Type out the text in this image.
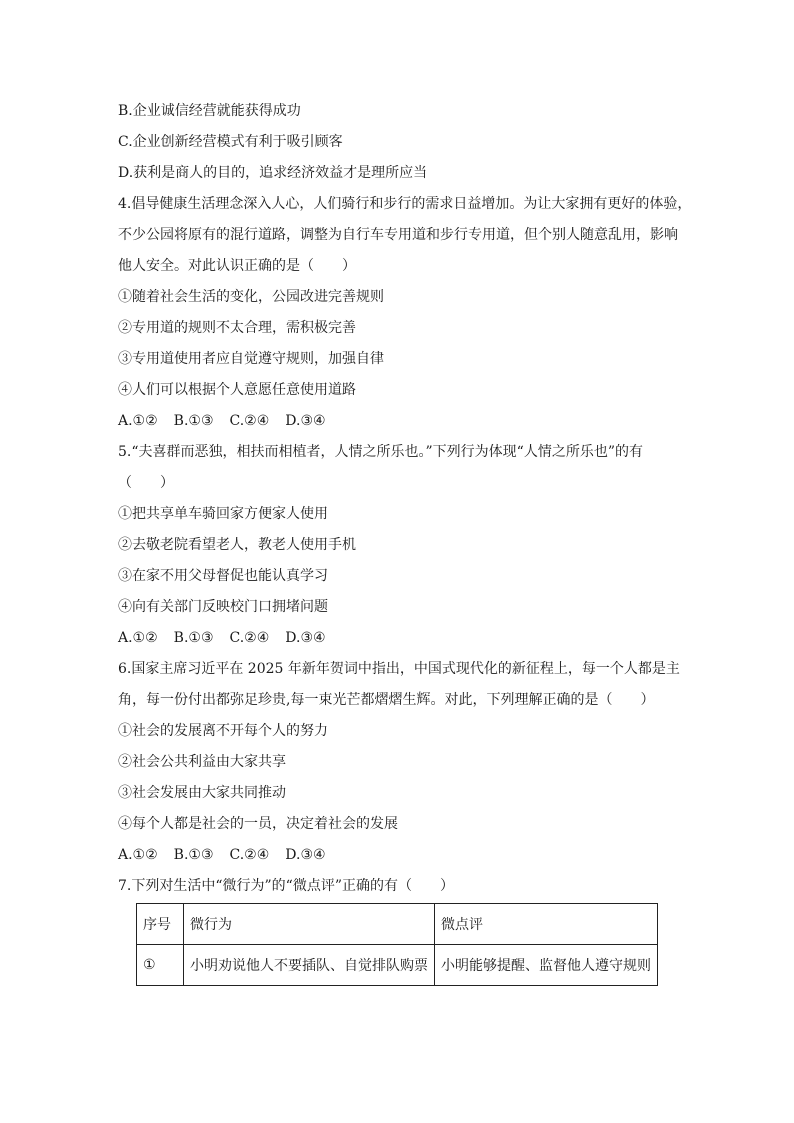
B.企业诚信经营就能获得成功
C.企业创新经营模式有利于吸引顾客
D.获利是商人的目的，追求经济效益才是理所应当
4.倡导健康生活理念深入人心，人们骑行和步行的需求日益增加。为让大家拥有更好的体验，
不少公园将原有的混行道路，调整为自行车专用道和步行专用道，但个别人随意乱用，影响
他人安全。对此认识正确的是（　　）
①随着社会生活的变化，公园改进完善规则
②专用道的规则不太合理，需积极完善
③专用道使用者应自觉遵守规则，加强自律
④人们可以根据个人意愿任意使用道路
A.①② B.①③ C.②④ D.③④
5.“夫喜群而恶独，相扶而相植者，人情之所乐也。”下列行为体现“人情之所乐也”的有
（　　）
①把共享单车骑回家方便家人使用
②去敬老院看望老人，教老人使用手机
③在家不用父母督促也能认真学习
④向有关部门反映校门口拥堵问题
A.①② B.①③ C.②④ D.③④
6.国家主席习近平在 2025 年新年贺词中指出，中国式现代化的新征程上，每一个人都是主
角，每一份付出都弥足珍贵,每一束光芒都熠熠生辉。对此，下列理解正确的是（　　）
①社会的发展离不开每个人的努力
②社会公共利益由大家共享
③社会发展由大家共同推动
④每个人都是社会的一员，决定着社会的发展
A.①② B.①③ C.②④ D.③④
7.下列对生活中“微行为”的“微点评”正确的有（　　）
序号	微行为	微点评
①	小明劝说他人不要插队、自觉排队购票	小明能够提醒、监督他人遵守规则
